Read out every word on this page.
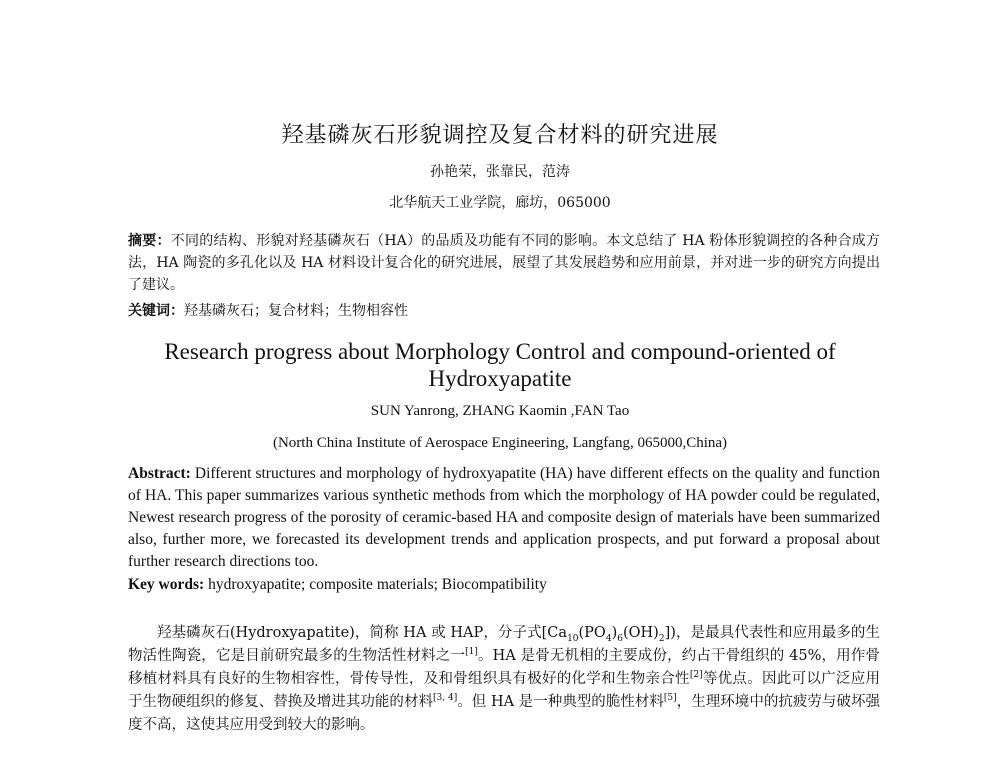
羟基磷灰石形貌调控及复合材料的研究进展
孙艳荣，张靠民，范涛
北华航天工业学院，廊坊，065000
摘要：不同的结构、形貌对羟基磷灰石（HA）的品质及功能有不同的影响。本文总结了 HA 粉体形貌调控的各种合成方法，HA 陶瓷的多孔化以及 HA 材料设计复合化的研究进展，展望了其发展趋势和应用前景，并对进一步的研究方向提出了建议。
关键词：羟基磷灰石；复合材料；生物相容性
Research progress about Morphology Control and compound-oriented of Hydroxyapatite
SUN Yanrong, ZHANG Kaomin ,FAN Tao
(North China Institute of Aerospace Engineering, Langfang, 065000,China)
Abstract: Different structures and morphology of hydroxyapatite (HA) have different effects on the quality and function of HA. This paper summarizes various synthetic methods from which the morphology of HA powder could be regulated, Newest research progress of the porosity of ceramic-based HA and composite design of materials have been summarized also, further more, we forecasted its development trends and application prospects, and put forward a proposal about further research directions too.
Key words: hydroxyapatite; composite materials; Biocompatibility
羟基磷灰石(Hydroxyapatite)，简称 HA 或 HAP，分子式$[Ca_{10}(PO_4)_6(OH)_2]$)，是最具代表性和应用最多的生物活性陶瓷，它是目前研究最多的生物活性材料之一[1]。HA 是骨无机相的主要成份，约占干骨组织的 45%，用作骨移植材料具有良好的生物相容性，骨传导性，及和骨组织具有极好的化学和生物亲合性[2]等优点。因此可以广泛应用于生物硬组织的修复、替换及增进其功能的材料[3, 4]。但 HA 是一种典型的脆性材料[5]，生理环境中的抗疲劳与破坏强度不高，这使其应用受到较大的影响。
